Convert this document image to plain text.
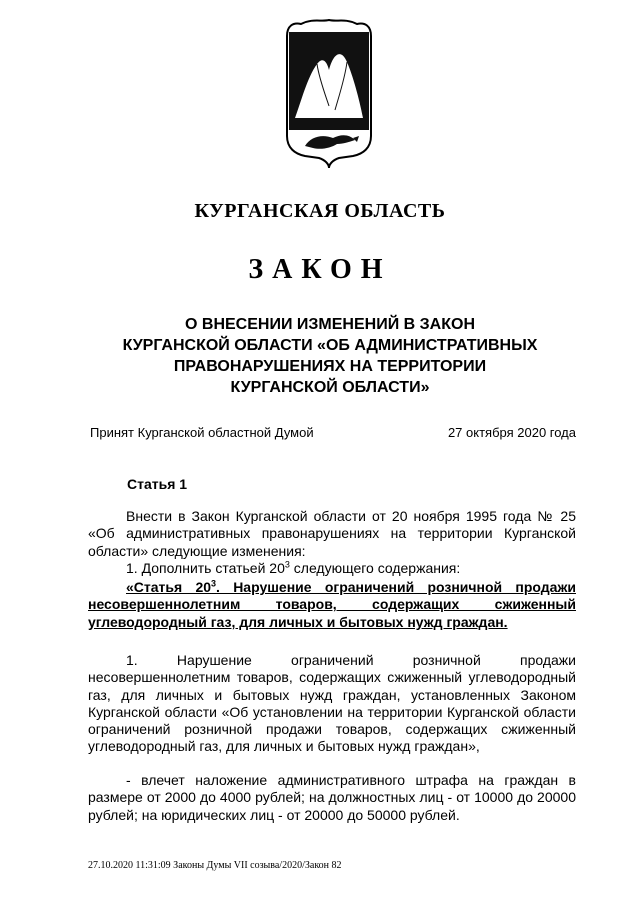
КУРГАНСКАЯ ОБЛАСТЬ
ЗАКОН
О ВНЕСЕНИИ ИЗМЕНЕНИЙ В ЗАКОН
КУРГАНСКОЙ ОБЛАСТИ «ОБ АДМИНИСТРАТИВНЫХ
ПРАВОНАРУШЕНИЯХ НА ТЕРРИТОРИИ
КУРГАНСКОЙ ОБЛАСТИ»
Принят Курганской областной Думой	27 октября 2020 года
Статья 1
Внести в Закон Курганской области от 20 ноября 1995 года № 25 «Об административных правонарушениях на территории Курганской области» следующие изменения:
1. Дополнить статьей $20^3$ следующего содержания:
«Статья $20^3$. Нарушение ограничений розничной продажи несовершеннолетним товаров, содержащих сжиженный углеводородный газ, для личных и бытовых нужд граждан.
1. Нарушение ограничений розничной продажи несовершеннолетним товаров, содержащих сжиженный углеводородный газ, для личных и бытовых нужд граждан, установленных Законом Курганской области «Об установлении на территории Курганской области ограничений розничной продажи товаров, содержащих сжиженный углеводородный газ, для личных и бытовых нужд граждан»,
- влечет наложение административного штрафа на граждан в размере от 2000 до 4000 рублей; на должностных лиц - от 10000 до 20000 рублей; на юридических лиц - от 20000 до 50000 рублей.
27.10.2020 11:31:09 Законы Думы VII созыва/2020/Закон 82
